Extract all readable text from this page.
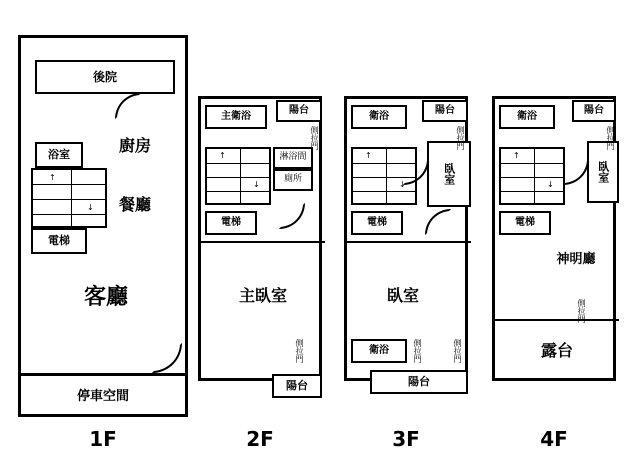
後院
浴室
廚房
餐廳
↑
↓
電梯
客廳
停車空間
1F
主衛浴
↑
↓
淋浴間
廁所
電梯
主臥室
側拉門
陽台
側拉門
陽台
2F
衛浴
↑
↓	臥室
電梯
臥室
衛浴	側拉門	側拉門
陽台
側拉門
陽台
3F
衛浴
↑
↓
臥室
電梯
神明廳
露台
側拉門
陽台
側拉門
4F
